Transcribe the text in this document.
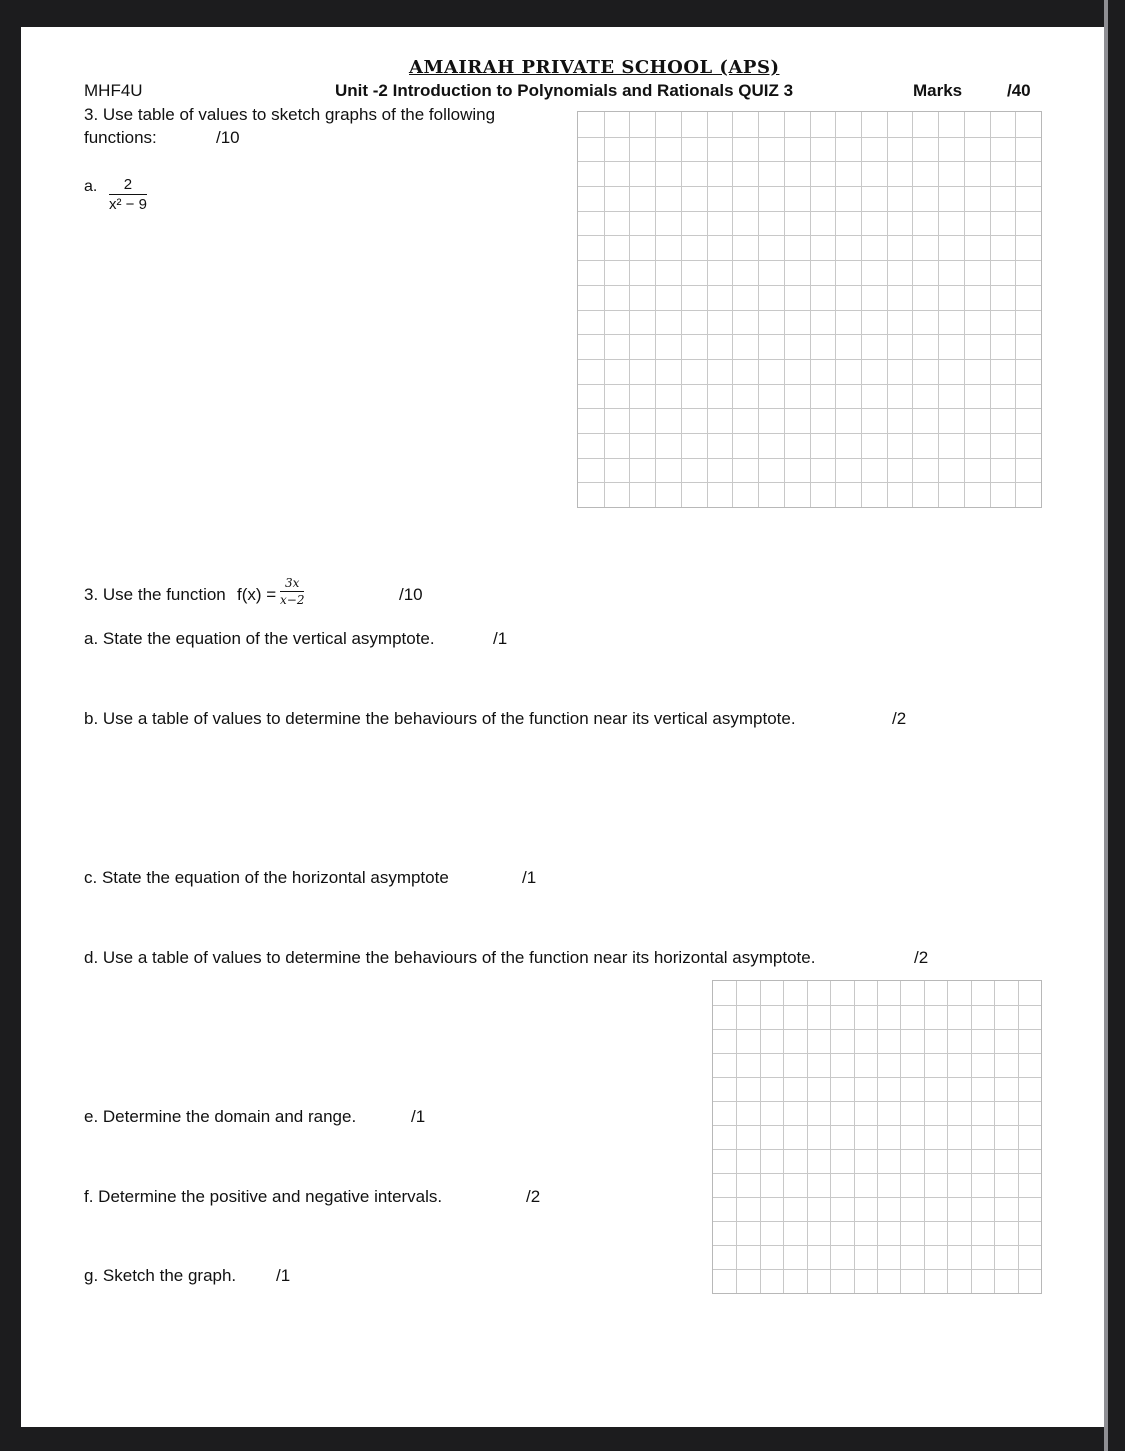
AMAIRAH PRIVATE SCHOOL (APS)
MHF4U	Unit -2 Introduction to Polynomials and Rationals QUIZ 3	Marks	/40
3. Use table of values to sketch graphs of the following
functions:	/10
a. $\frac{2}{\text{x² − 9}}$
3. Use the function $f(x) = \frac{3x}{x-2}$	/10
a. State the equation of the vertical asymptote.	/1
b. Use a table of values to determine the behaviours of the function near its vertical asymptote.	/2
c. State the equation of the horizontal asymptote	/1
d. Use a table of values to determine the behaviours of the function near its horizontal asymptote.	/2
e. Determine the domain and range.	/1
f. Determine the positive and negative intervals.	/2
g. Sketch the graph. /1
